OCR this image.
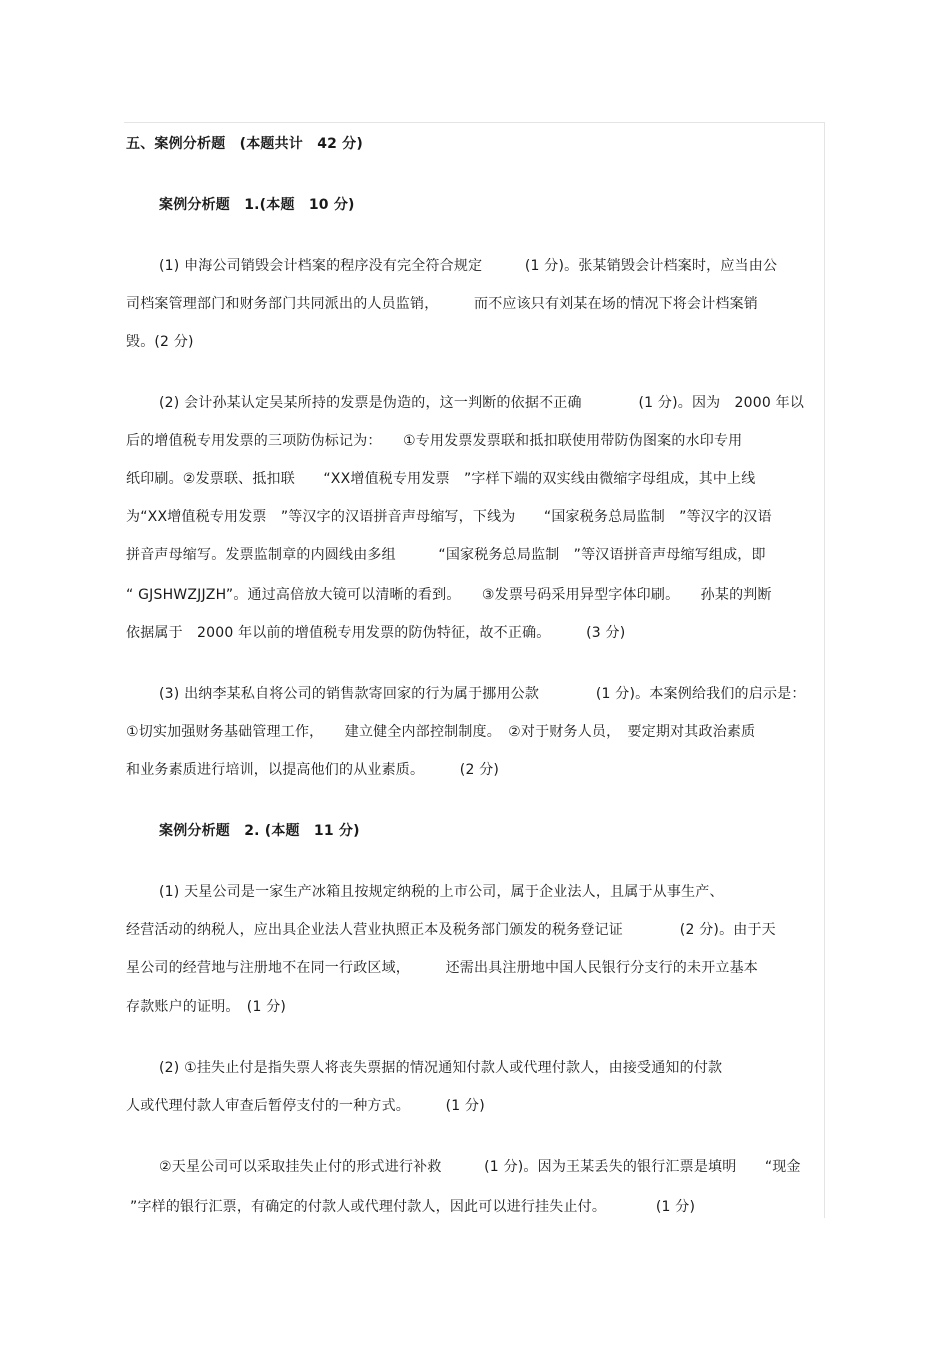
五、案例分析题　(本题共计　42 分)
案例分析题　1.(本题　10 分)
(1) 申海公司销毁会计档案的程序没有完全符合规定　　　(1 分)。张某销毁会计档案时，应当由公
司档案管理部门和财务部门共同派出的人员监销，　　　而不应该只有刘某在场的情况下将会计档案销
毁。(2 分)
(2) 会计孙某认定吴某所持的发票是伪造的，这一判断的依据不正确　　　　(1 分)。因为　2000 年以
后的增值税专用发票的三项防伪标记为：　　①专用发票发票联和抵扣联使用带防伪图案的水印专用
纸印刷。②发票联、抵扣联　　“XX增值税专用发票　”字样下端的双实线由微缩字母组成，其中上线
为“XX增值税专用发票　”等汉字的汉语拼音声母缩写，下线为　　“国家税务总局监制　”等汉字的汉语
拼音声母缩写。发票监制章的内圆线由多组　　　“国家税务总局监制　”等汉语拼音声母缩写组成，即
“ GJSHWZJJZH”。通过高倍放大镜可以清晰的看到。　　③发票号码采用异型字体印刷。　　孙某的判断
依据属于　2000 年以前的增值税专用发票的防伪特征，故不正确。　　　(3 分)
(3) 出纳李某私自将公司的销售款寄回家的行为属于挪用公款　　　　(1 分)。本案例给我们的启示是：
①切实加强财务基础管理工作，　　建立健全内部控制制度。　②对于财务人员，　要定期对其政治素质
和业务素质进行培训，以提高他们的从业素质。　　　(2 分)
案例分析题　2. (本题　11 分)
(1) 天星公司是一家生产冰箱且按规定纳税的上市公司，属于企业法人，且属于从事生产、
经营活动的纳税人，应出具企业法人营业执照正本及税务部门颁发的税务登记证　　　　(2 分)。由于天
星公司的经营地与注册地不在同一行政区域，　　　还需出具注册地中国人民银行分支行的未开立基本
存款账户的证明。　(1 分)
(2) ①挂失止付是指失票人将丧失票据的情况通知付款人或代理付款人，由接受通知的付款
人或代理付款人审查后暂停支付的一种方式。　　　(1 分)
②天星公司可以采取挂失止付的形式进行补救　　　(1 分)。因为王某丢失的银行汇票是填明　　“现金
”字样的银行汇票，有确定的付款人或代理付款人，因此可以进行挂失止付。　　　　(1 分)
